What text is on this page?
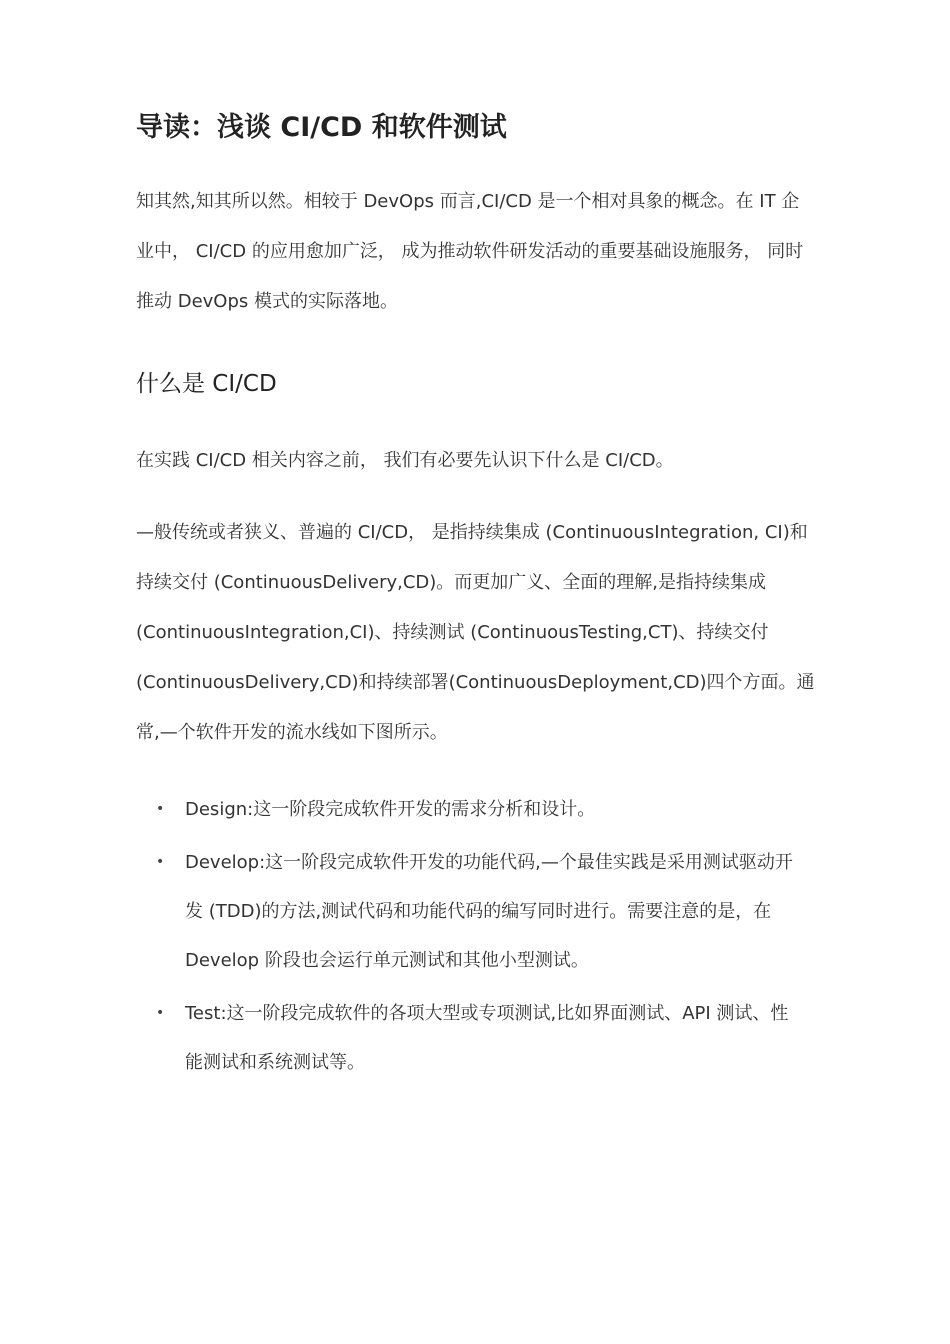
导读：浅谈 CI/CD 和软件测试

知其然,知其所以然。相较于 DevOps 而言,CI/CD 是一个相对具象的概念。在 IT 企业中， CI/CD 的应用愈加广泛， 成为推动软件研发活动的重要基础设施服务， 同时推动 DevOps 模式的实际落地。

什么是 CI/CD

在实践 CI/CD 相关内容之前， 我们有必要先认识下什么是 CI/CD。

—般传统或者狭义、普遍的 CI/CD， 是指持续集成 (ContinuousIntegration, CI)和持续交付 (ContinuousDelivery,CD)。而更加广义、全面的理解,是指持续集成 (ContinuousIntegration,CI)、持续测试 (ContinuousTesting,CT)、持续交付 (ContinuousDelivery,CD)和持续部署(ContinuousDeployment,CD)四个方面。通常,—个软件开发的流水线如下图所示。

• Design:这一阶段完成软件开发的需求分析和设计。
• Develop:这一阶段完成软件开发的功能代码,—个最佳实践是采用测试驱动开发 (TDD)的方法,测试代码和功能代码的编写同时进行。需要注意的是，在 Develop 阶段也会运行单元测试和其他小型测试。
• Test:这一阶段完成软件的各项大型或专项测试,比如界面测试、API 测试、性能测试和系统测试等。
